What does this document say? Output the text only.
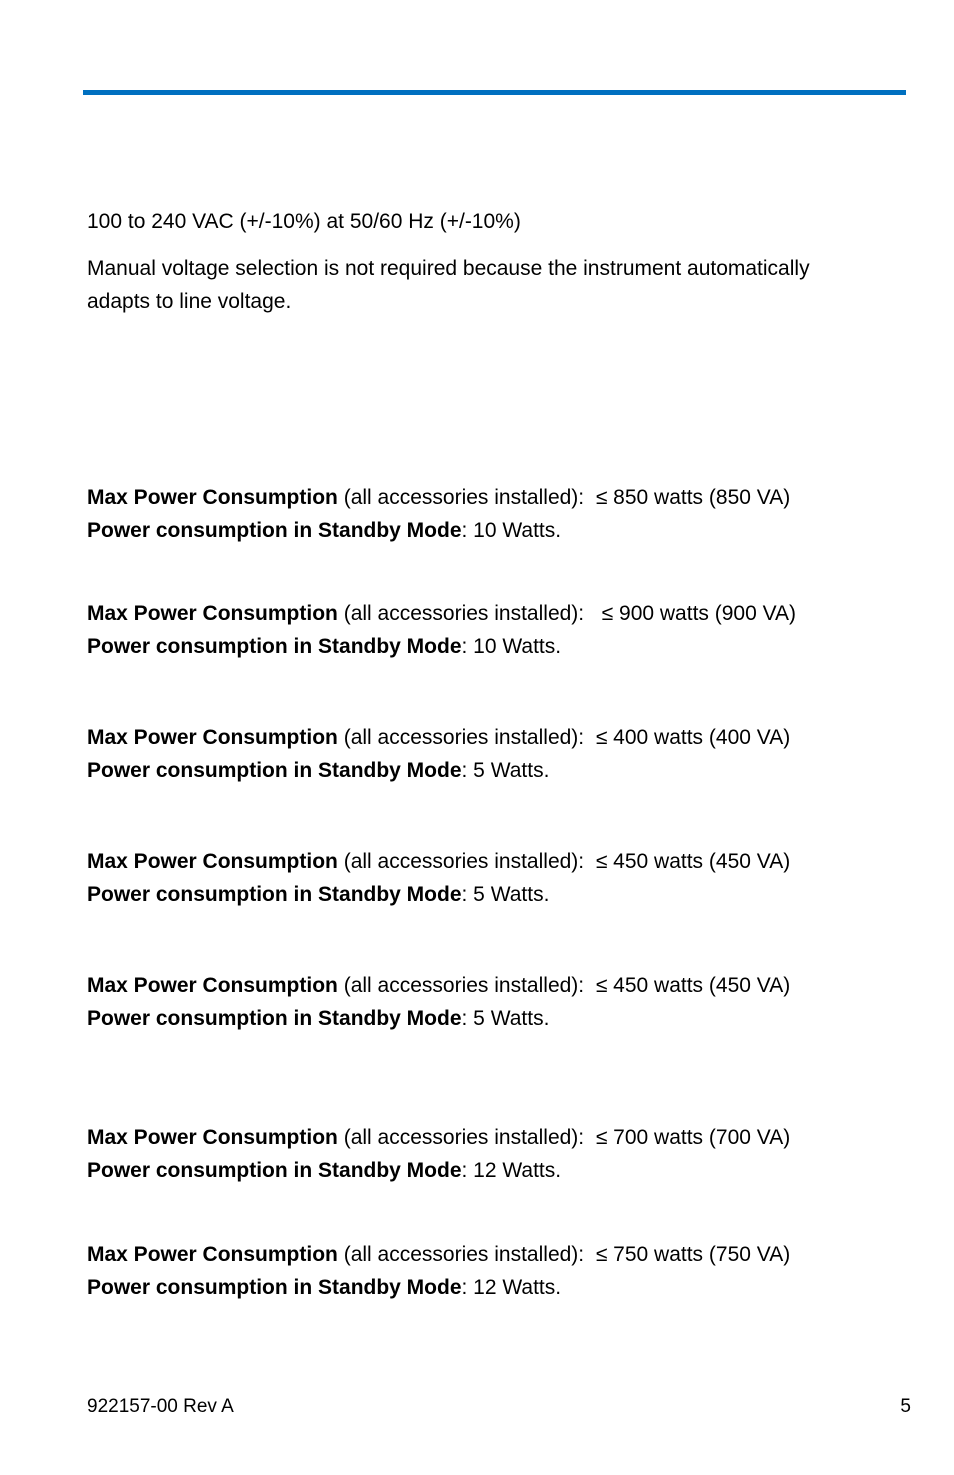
100 to 240 VAC (+/-10%) at 50/60 Hz (+/-10%)
Manual voltage selection is not required because the instrument automatically adapts to line voltage.
Max Power Consumption (all accessories installed): ≤ 850 watts (850 VA)
Power consumption in Standby Mode: 10 Watts.
Max Power Consumption (all accessories installed): ≤ 900 watts (900 VA)
Power consumption in Standby Mode: 10 Watts.
Max Power Consumption (all accessories installed): ≤ 400 watts (400 VA)
Power consumption in Standby Mode: 5 Watts.
Max Power Consumption (all accessories installed): ≤ 450 watts (450 VA)
Power consumption in Standby Mode: 5 Watts.
Max Power Consumption (all accessories installed): ≤ 450 watts (450 VA)
Power consumption in Standby Mode: 5 Watts.
Max Power Consumption (all accessories installed): ≤ 700 watts (700 VA)
Power consumption in Standby Mode: 12 Watts.
Max Power Consumption (all accessories installed): ≤ 750 watts (750 VA)
Power consumption in Standby Mode: 12 Watts.
922157-00 Rev A	5
